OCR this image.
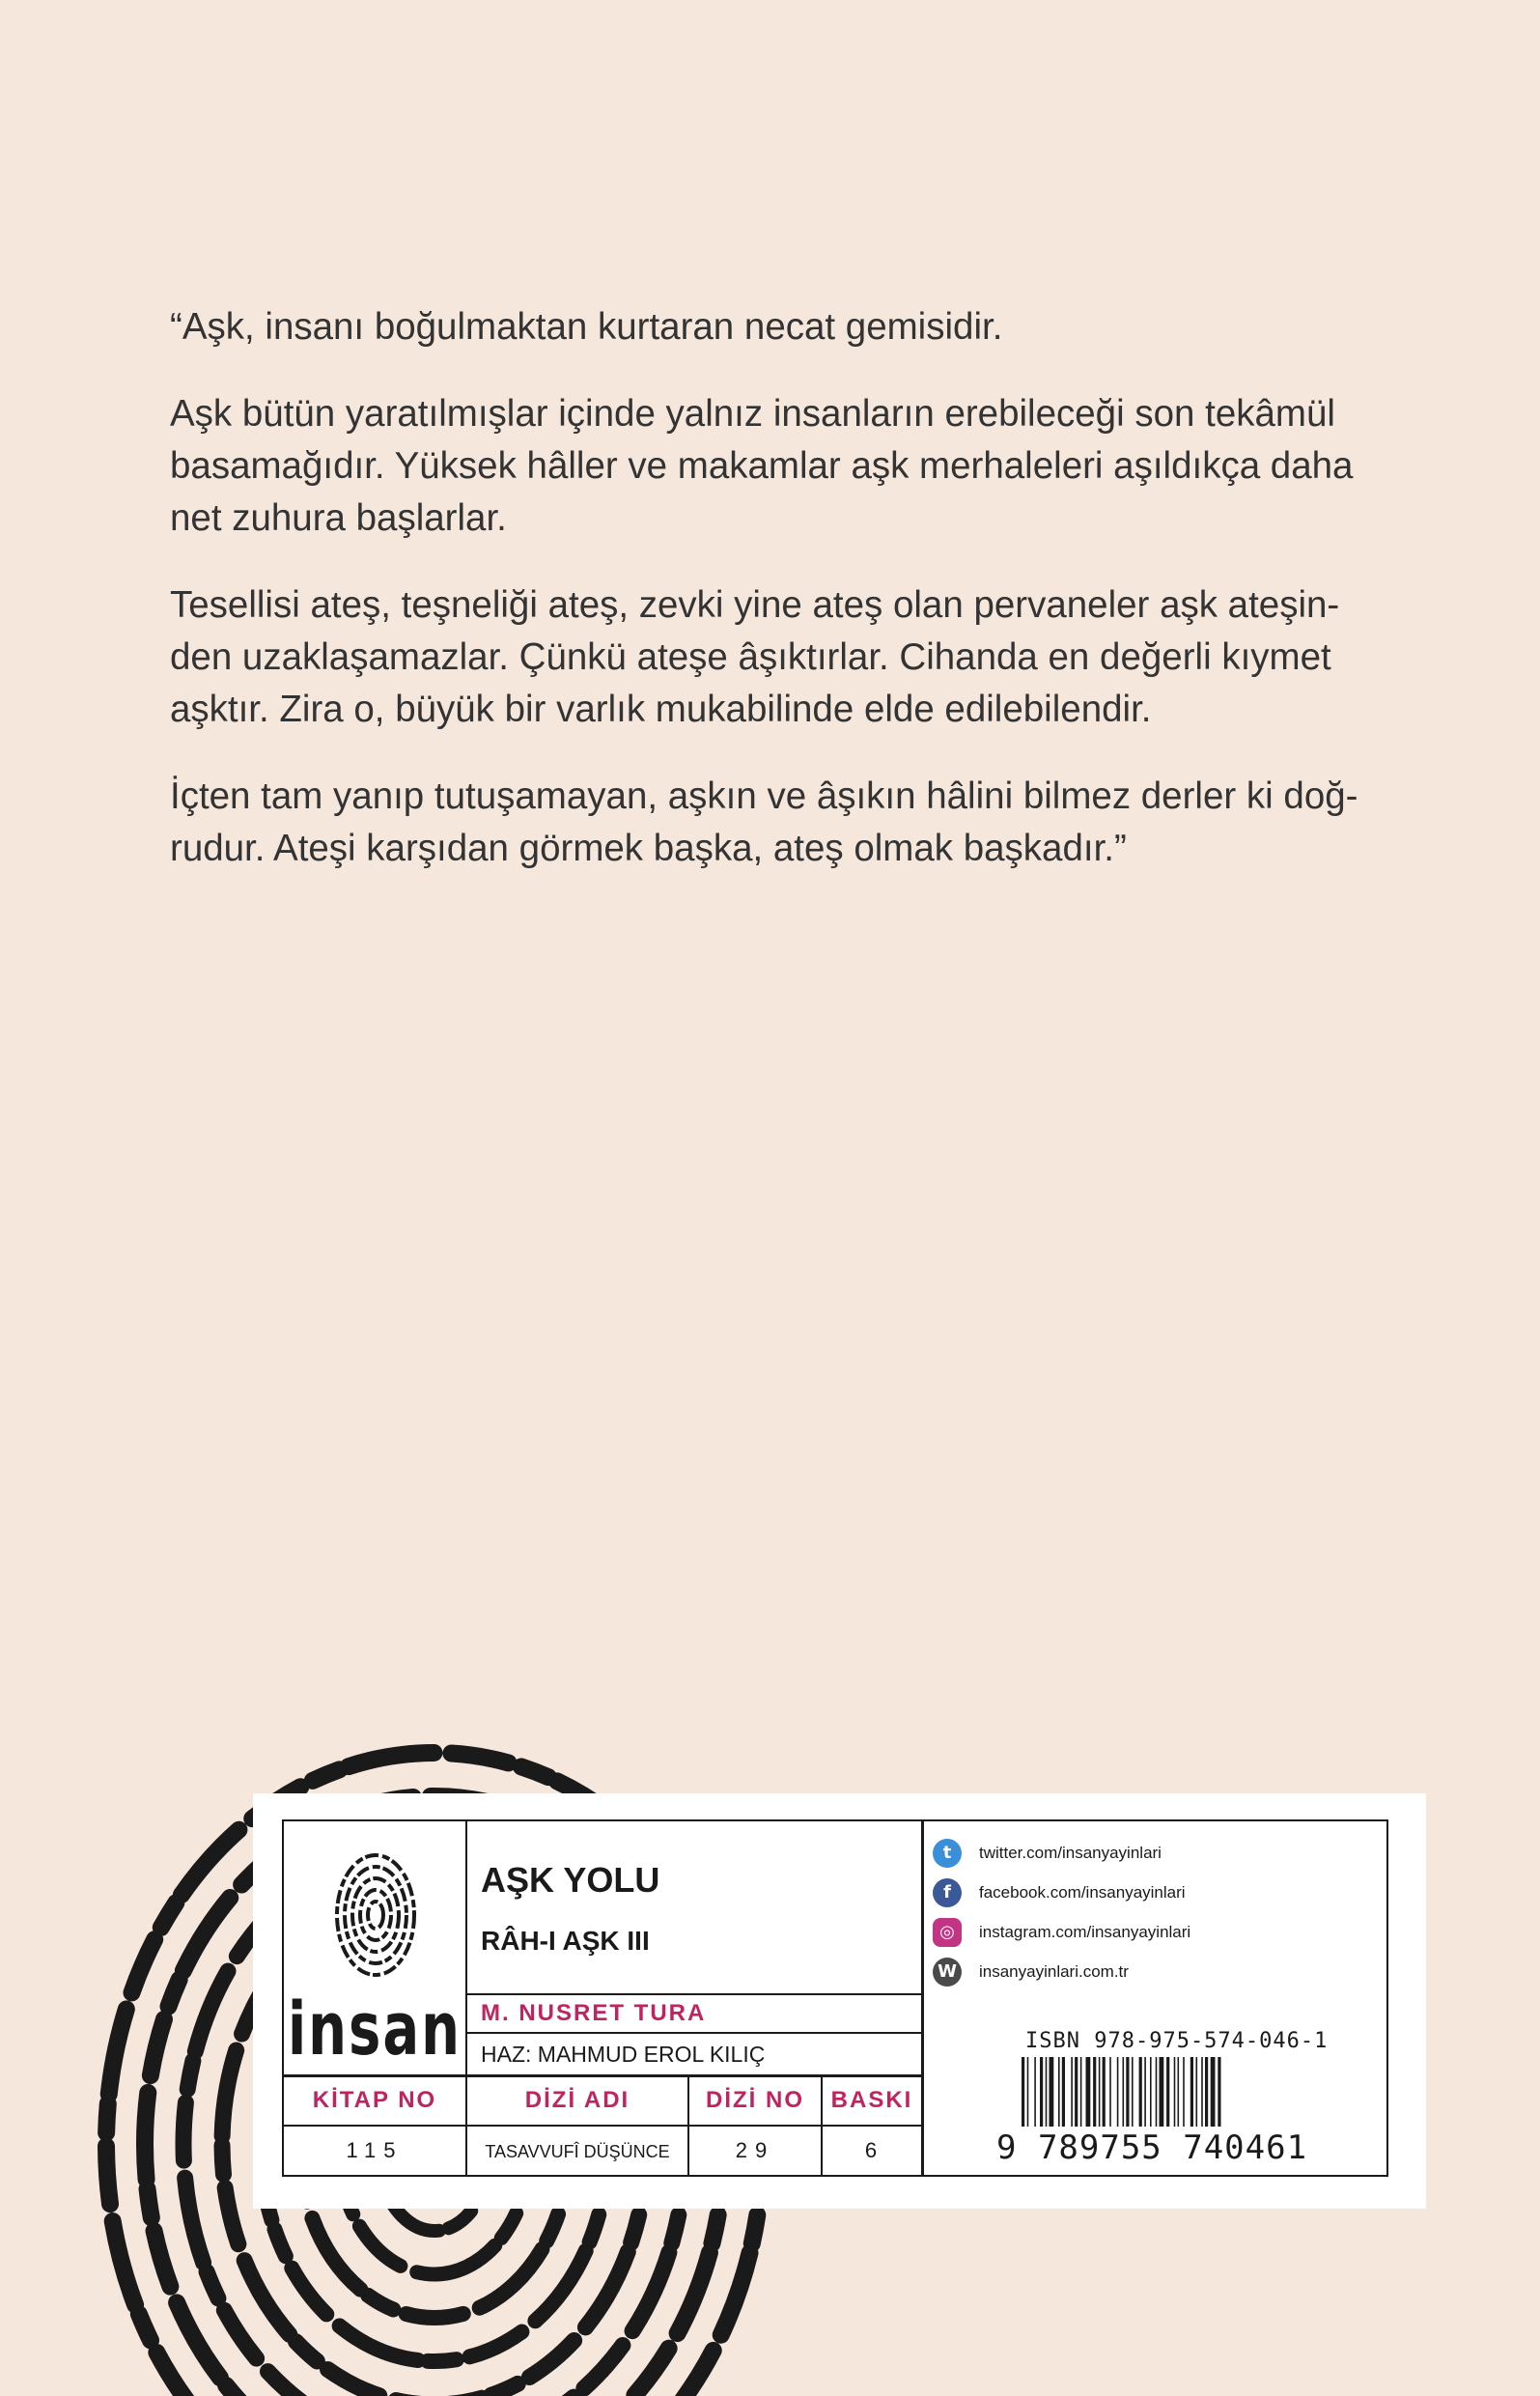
“Aşk, insanı boğulmaktan kurtaran necat gemisidir.

Aşk bütün yaratılmışlar içinde yalnız insanların erebileceği son tekâmül basamağıdır. Yüksek hâller ve makamlar aşk merhaleleri aşıldıkça daha net zuhura başlarlar.

Tesellisi ateş, teşneliği ateş, zevki yine ateş olan pervaneler aşk ateşinden uzaklaşamazlar. Çünkü ateşe âşıktırlar. Cihanda en değerli kıymet aşktır. Zira o, büyük bir varlık mukabilinde elde edilebilendir.

İçten tam yanıp tutuşamayan, aşkın ve âşıkın hâlini bilmez derler ki doğrudur. Ateşi karşıdan görmek başka, ateş olmak başkadır.”

insan
AŞK YOLU
RÂH-I AŞK III
M. NUSRET TURA
HAZ: MAHMUD EROL KILIÇ
KİTAP NO	DİZİ ADI	DİZİ NO	BASKI
115	TASAVVUFÎ DÜŞÜNCE	29	6
t	twitter.com/insanyayinlari
f	facebook.com/insanyayinlari
◎	instagram.com/insanyayinlari
W insanyayinlari.com.tr
ISBN 978-975-574-046-1
9 789755 740461
